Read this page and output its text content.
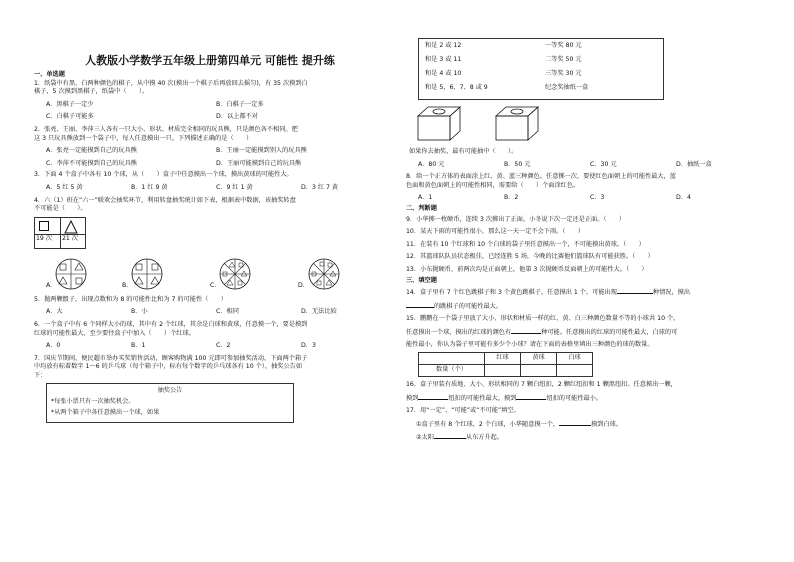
人教版小学数学五年级上册第四单元 可能性 提升练
一、单选题
1．纸袋中有黑、白两种颜色的棋子，从中摸 40 次(摸出一个棋子后再放回去摇匀)，有 35 次摸到白
棋子，5 次摸到黑棋子，纸袋中（　　）。
A．黑棋子一定少	B．白棋子一定多
C．白棋子可能多	D．以上都不对
2．张亮、王丽、李萍三人各有一只大小、形状、材质完全相同的玩具熊，只是颜色各不相同。把
这 3 只玩具熊放到一个袋子中，每人任意摸出一只。下列描述正确的是（　　）
A．张亮一定能摸到自己的玩具熊	B．王丽一定能摸到别人的玩具熊
C．李萍不可能摸到自己的玩具熊	D．王丽可能摸到自己的玩具熊
3．下面 4 个盒子中各有 10 个球，从（　　）盒子中任意摸出一个球，摸出黄球的可能性大。
A．5 红 5 黄	B．1 红 9 黄	C．9 红 1 黄	D．3 红 7 黄
4．六（1）班在“六一”联欢会抽奖环节，利用转盘抽奖统计如下表，根据表中数据，该抽奖转盘
不可能是（　　）。
19 次	21 次
A.	B.	C.	D.
5．抛两颗骰子，出现点数和为 8 的可能性比和为 7 的可能性（　　）
A．大	B．小	C．相同	D．无法比较
6．一个盒子中有 6 个同样大小的球，其中有 2 个红球，其余是白球和黄球，任意摸一个，要是摸到
红球的可能性最大，至少要往盒子中加入（　　）个红球。
A．0	B．1	C．2	D．3
7．国庆节期间，便民超市举办买奖销售活动，顾客购物满 100 元即可参加抽奖活动，下面两个箱子
中均放有标着数字 1～6 的乒乓球（每个箱子中，标有每个数字的乒乓球各有 10 个），抽奖公告如
下：
抽奖公告
*每张小票只有一次抽奖机会。
*从两个箱子中各任意摸出一个球，如果
和是 2 或 12	一等奖 80 元
和是 3 或 11	二等奖 50 元
和是 4 或 10	三等奖 30 元
和是 5、6、7、8 或 9	纪念奖抽纸一盒
如果你去抽奖，最有可能抽中（　　）。
A．80 元	B．50 元	C．30 元	D．抽纸一盒
8．给一个正方体的表面涂上红、黄、蓝三种颜色。任意掷一次，要使红色面朝上的可能性最大，蓝
色面和黄色面朝上的可能性相同，需要给（　　）个面涂红色。
A．1	B．2	C．3	D．4
二、判断题
9．小华掷一枚硬币，连续 3 次掷出了正面，小冬说下次一定还是正面。（　　）
10．某天下雨的可能性很小，那么这一天一定不会下雨。（　　）
11．在装有 10 个红球和 10 个白球的袋子里任意摸出一个，不可能摸出黄球。（　　）
12．其篮球队队员状态极佳，已经连胜 5 场，今晚的比赛他们篮球队有可能获胜。（　　）
13．小东抛硬币，前两次均是正面朝上，他第 3 次抛硬币反面朝上的可能性大。（　　）
三、填空题
14．盒子里有 7 个红色跳棋子和 3 个黄色跳棋子，任意摸出 1 个，可能出现	种情况，摸出
的跳棋子的可能性最大。
15．鹏鹏在一个袋子里放了大小、形状和材质一样的红、黄、白三种颜色数量不等的小球共 10 个。
任意摸出一个球，摸出的红球的颜色有	种可能。任意摸出的红球的可能性最大，白球的可
能性最小，你认为袋子里可能有多少个小球？请在下面的表格里填出三种颜色的球的数量。
	红球	黄球	白球
数量（个）			
16．盒子里装有质地、大小、形状相同的 7 颗白纽扣，2 颗红纽扣和 1 颗黑纽扣。任意摸出一颗，
摸到	纽扣的可能性最大，摸到	纽扣的可能性最小。
17．用“一定”、“可能”或“不可能”填空。
①盒子里有 8 个红球，2 个白球，小华随意摸一个，	摸到白球。
②太阳	从东方升起。
